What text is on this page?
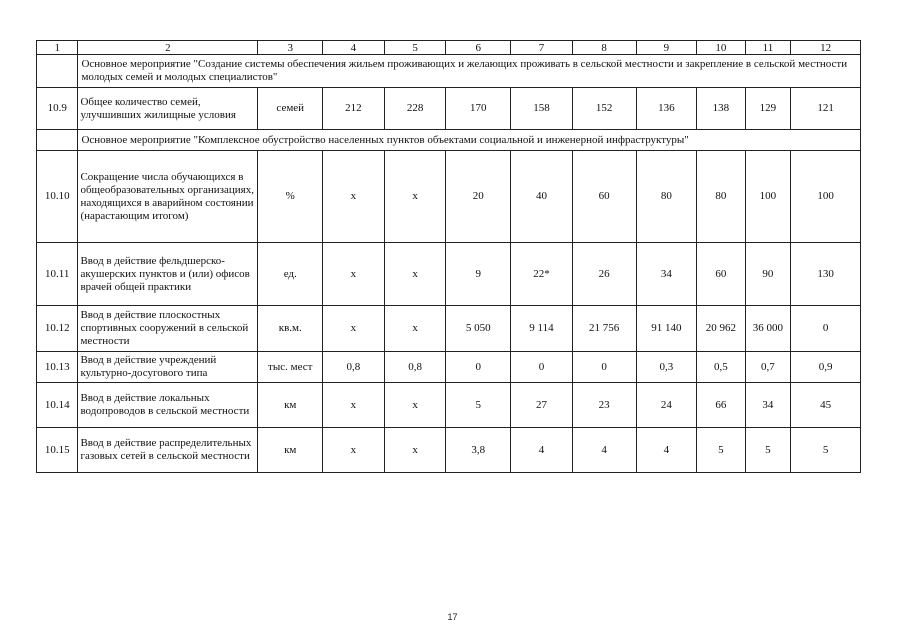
1	2	3	4	5	6	7	8	9	10	11	12
	Основное мероприятие "Создание системы обеспечения жильем проживающих и желающих проживать в сельской местности и закрепление в сельской местности молодых семей и молодых специалистов"										
10.9	Общее количество семей, улучшивших жилищные условия	семей	212	228	170	158	152	136	138	129	121
	Основное мероприятие "Комплексное обустройство населенных пунктов объектами социальной и инженерной инфраструктуры"										
10.10	Сокращение числа обучающихся в общеобразовательных организациях, находящихся в аварийном состоянии (нарастающим итогом)	%	x	x	20	40	60	80	80	100	100
10.11	Ввод в действие фельдшерско-акушерских пунктов и (или) офисов врачей общей практики	ед.	x	x	9	22*	26	34	60	90	130
10.12	Ввод в действие плоскостных спортивных сооружений в сельской местности	кв.м.	x	x	5 050	9 114	21 756	91 140	20 962	36 000	0
10.13	Ввод в действие учреждений культурно-досугового типа	тыс. мест	0,8	0,8	0	0	0	0,3	0,5	0,7	0,9
10.14	Ввод в действие локальных водопроводов в сельской местности	км	x	x	5	27	23	24	66	34	45
10.15	Ввод в действие распределительных газовых сетей в сельской местности	км	x	x	3,8	4	4	4	5	5	5
17
